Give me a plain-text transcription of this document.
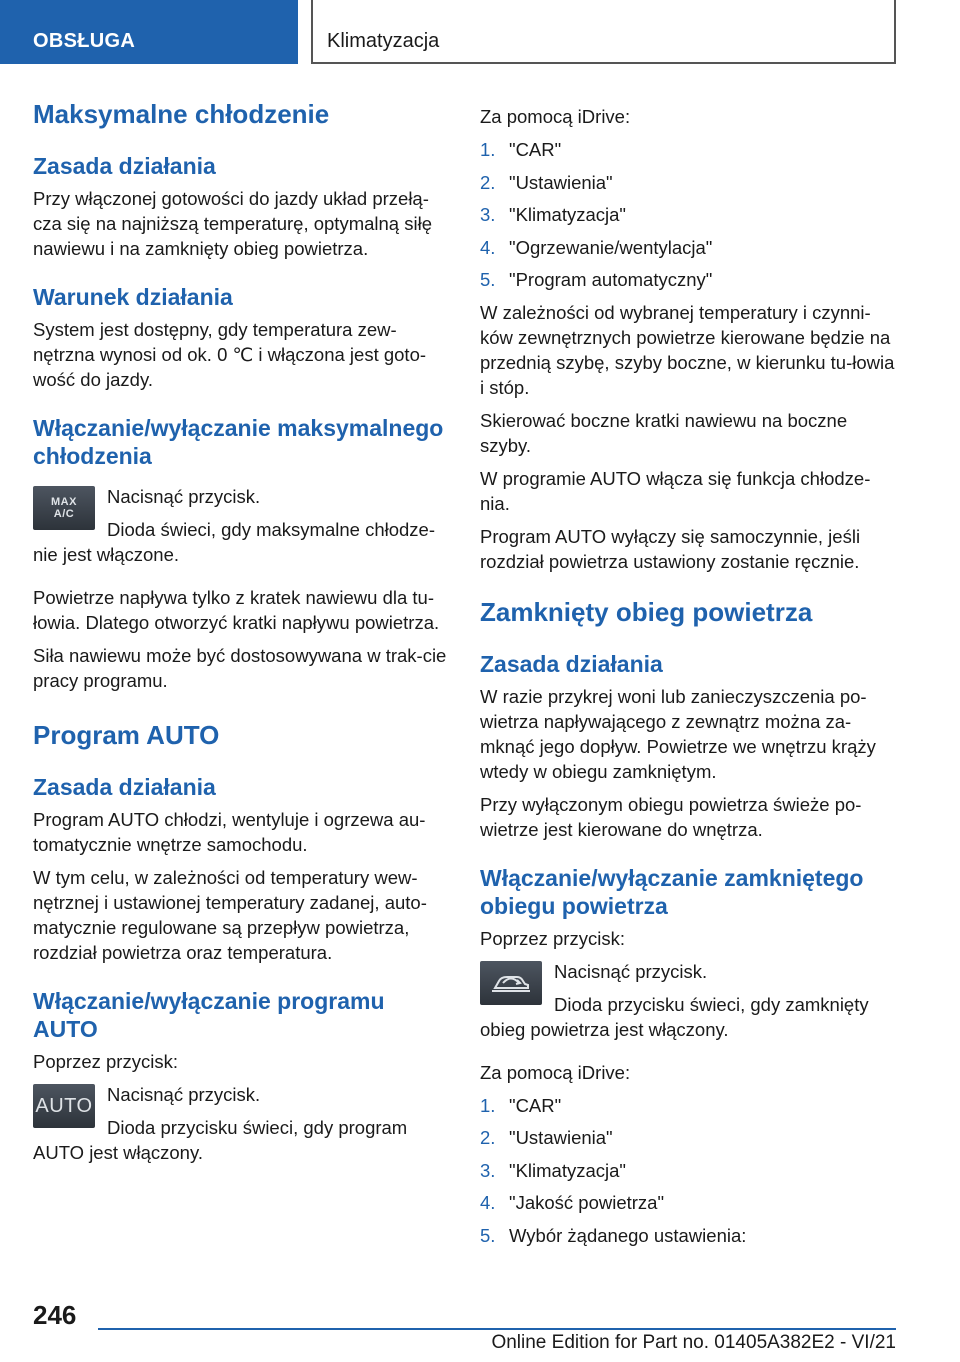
OBSŁUGA	Klimatyzacja
Maksymalne chłodzenie
Zasada działania
Przy włączonej gotowości do jazdy układ przełą-cza się na najniższą temperaturę, optymalną siłę nawiewu i na zamknięty obieg powietrza.
Warunek działania
System jest dostępny, gdy temperatura zew-nętrzna wynosi od ok. 0 ℃ i włączona jest goto-wość do jazdy.
Włączanie/wyłączanie maksymalnego chłodzenia
MAX
A/C
Nacisnąć przycisk.
Dioda świeci, gdy maksymalne chłodze-nie jest włączone.
Powietrze napływa tylko z kratek nawiewu dla tu-łowia. Dlatego otworzyć kratki napływu powietrza.
Siła nawiewu może być dostosowywana w trak-cie pracy programu.
Program AUTO
Zasada działania
Program AUTO chłodzi, wentyluje i ogrzewa au-tomatycznie wnętrze samochodu.
W tym celu, w zależności od temperatury wew-nętrznej i ustawionej temperatury zadanej, auto-matycznie regulowane są przepływ powietrza, rozdział powietrza oraz temperatura.
Włączanie/wyłączanie programu AUTO
Poprzez przycisk:
AUTO Nacisnąć przycisk.
Dioda przycisku świeci, gdy program AUTO jest włączony.
Za pomocą iDrive:
1. "CAR"
2. "Ustawienia"
3. "Klimatyzacja"
4. "Ogrzewanie/wentylacja"
5. "Program automatyczny"
W zależności od wybranej temperatury i czynni-ków zewnętrznych powietrze kierowane będzie na przednią szybę, szyby boczne, w kierunku tu-łowia i stóp.
Skierować boczne kratki nawiewu na boczne szyby.
W programie AUTO włącza się funkcja chłodze-nia.
Program AUTO wyłączy się samoczynnie, jeśli rozdział powietrza ustawiony zostanie ręcznie.
Zamknięty obieg powietrza
Zasada działania
W razie przykrej woni lub zanieczyszczenia po-wietrza napływającego z zewnątrz można za-mknąć jego dopływ. Powietrze we wnętrzu krąży wtedy w obiegu zamkniętym.
Przy wyłączonym obiegu powietrza świeże po-wietrze jest kierowane do wnętrza.
Włączanie/wyłączanie zamkniętego obiegu powietrza
Poprzez przycisk:
Nacisnąć przycisk.
Dioda przycisku świeci, gdy zamknięty obieg powietrza jest włączony.
Za pomocą iDrive:
1. "CAR"
2. "Ustawienia"
3. "Klimatyzacja"
4. "Jakość powietrza"
5. Wybór żądanego ustawienia:
246
Online Edition for Part no. 01405A382E2 - VI/21
